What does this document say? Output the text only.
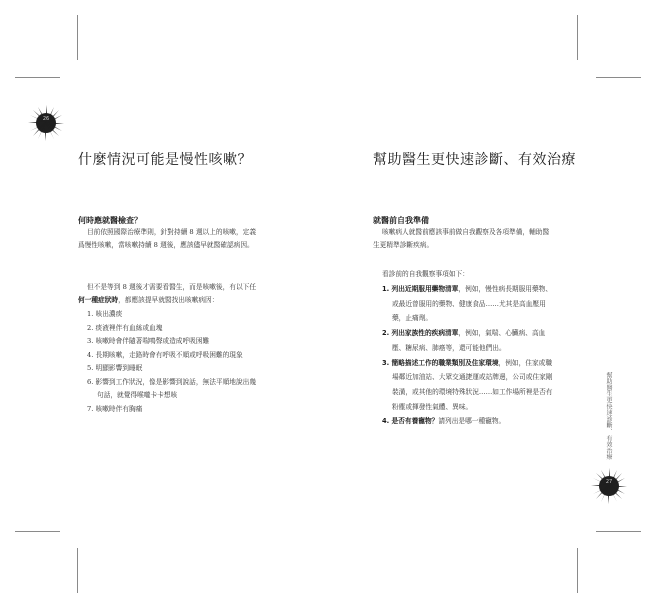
26
什麼情況可能是慢性咳嗽？
何時應就醫檢查？
目前依照國際治療準則，針對持續 8 週以上的咳嗽，定義
爲慢性咳嗽，當咳嗽持續 8 週後，應該儘早就醫確認病因。
但不是等到 8 週後才需要看醫生，而是咳嗽後，有以下任
何一種症狀時，都應該提早就醫找出咳嗽病因：
1. 咳出濃痰
2. 痰液裡伴有血絲或血塊
3. 咳嗽時會伴隨著喘鳴聲或造成呼吸困難
4. 長期咳嗽，走路時會有呼吸不順或呼吸困難的現象
5. 明顯影響到睡眠
6. 影響到工作狀況，像是影響到說話，無法平順地說出幾
句話，就覺得喉嚨卡卡想咳
7. 咳嗽時伴有胸痛
幫助醫生更快速診斷、有效治療
就醫前自我準備
咳嗽病人就醫前應該事前做自我觀察及各項準備，輔助醫
生更精準診斷疾病。
看診前的自我觀察事項如下：
1. 列出近期服用藥物清單，例如，慢性病長期服用藥物、
或最近曾服用的藥物、健康食品……尤其是高血壓用
藥，止痛劑。
2. 列出家族性的疾病清單，例如，氣喘、心臟病、高血
壓、糖尿病、肺癌等，還可能他們出。
3. 簡略描述工作的職業類別及住家環境，例如，住家或職
場鄰近加油站、大眾交通捷運或站牌邊，公司或住家剛
裝潢，或其他的環境特殊狀況……如工作場所裡是否有
粉塵或揮發性氣體、異味。
4. 是否有養寵物？請列出是哪一種寵物。	幫助醫生更快速診斷、有效治療
27
